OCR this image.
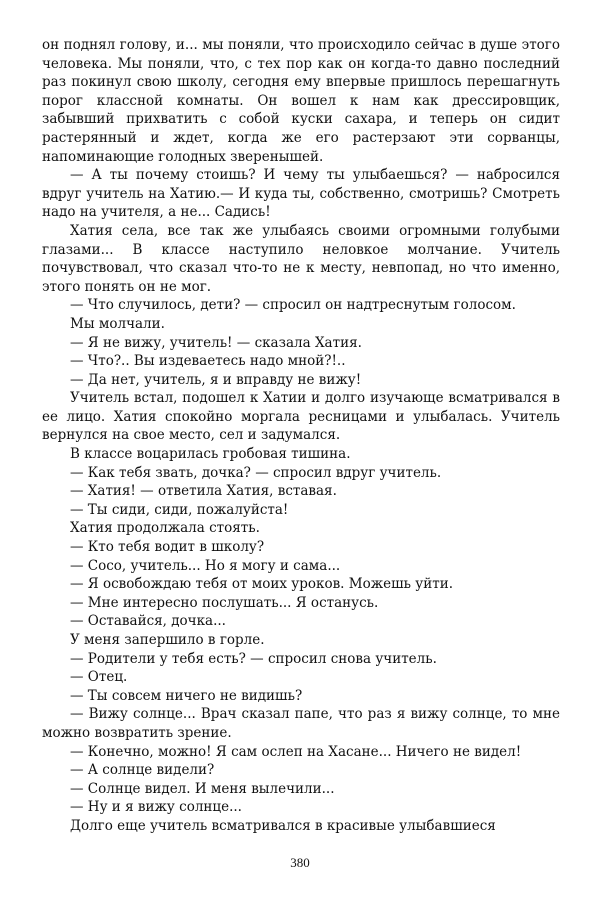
он поднял голову, и... мы поняли, что происходило сейчас в душе этого человека. Мы поняли, что, с тех пор как он когда-то давно последний раз покинул свою школу, сегодня ему впервые пришлось перешагнуть порог классной комнаты. Он вошел к нам как дрессировщик, забывший прихватить с собой куски сахара, и теперь он сидит растерянный и ждет, когда же его растерзают эти сорванцы, напоминающие голодных зверенышей.

— А ты почему стоишь? И чему ты улыбаешься? — набросился вдруг учитель на Хатию.— И куда ты, собственно, смотришь? Смотреть надо на учителя, а не... Садись!

Хатия села, все так же улыбаясь своими огромными голубыми глазами... В классе наступило неловкое молчание. Учитель почувствовал, что сказал что-то не к месту, невпопад, но что именно, этого понять он не мог.

— Что случилось, дети? — спросил он надтреснутым голосом.

Мы молчали.

— Я не вижу, учитель! — сказала Хатия.

— Что?.. Вы издеваетесь надо мной?!..

— Да нет, учитель, я и вправду не вижу!

Учитель встал, подошел к Хатии и долго изучающе всматривался в ее лицо. Хатия спокойно моргала ресницами и улыбалась. Учитель вернулся на свое место, сел и задумался.

В классе воцарилась гробовая тишина.

— Как тебя звать, дочка? — спросил вдруг учитель.

— Хатия! — ответила Хатия, вставая.

— Ты сиди, сиди, пожалуйста!

Хатия продолжала стоять.

— Кто тебя водит в школу?

— Сосо, учитель... Но я могу и сама...

— Я освобождаю тебя от моих уроков. Можешь уйти.

— Мне интересно послушать... Я останусь.

— Оставайся, дочка...

У меня запершило в горле.

— Родители у тебя есть? — спросил снова учитель.

— Отец.

— Ты совсем ничего не видишь?

— Вижу солнце... Врач сказал папе, что раз я вижу солнце, то мне можно возвратить зрение.

— Конечно, можно! Я сам ослеп на Хасане... Ничего не видел!

— А солнце видели?

— Солнце видел. И меня вылечили...

— Ну и я вижу солнце...

Долго еще учитель всматривался в красивые улыбавшиеся

380
